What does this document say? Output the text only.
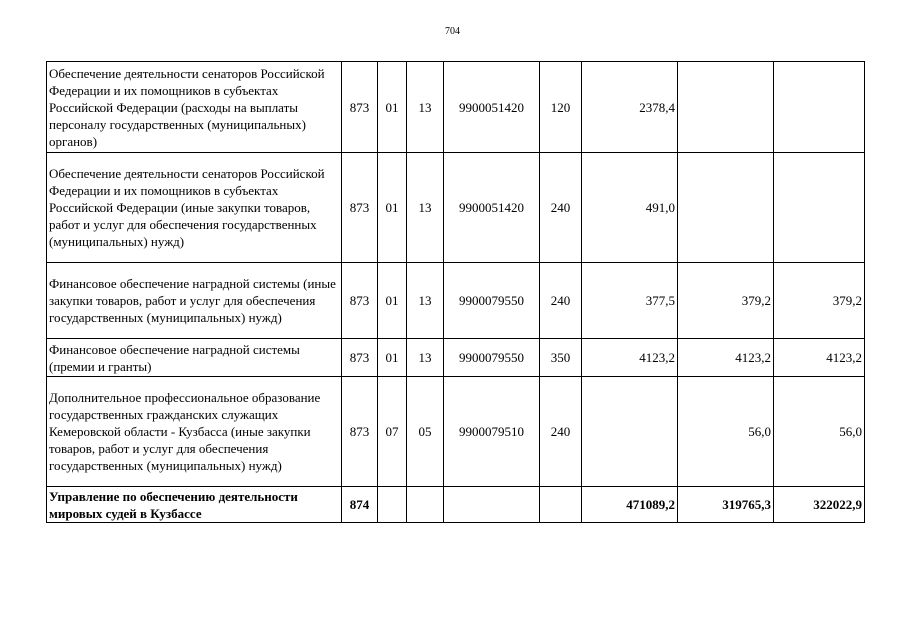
704
Обеспечение деятельности сенаторов Российской Федерации и их помощников в субъектах Российской Федерации (расходы на выплаты персоналу государственных (муниципальных) органов)	873	01	13	9900051420	120	2378,4		
Обеспечение деятельности сенаторов Российской Федерации и их помощников в субъектах Российской Федерации (иные закупки товаров, работ и услуг для обеспечения государственных (муниципальных) нужд)	873	01	13	9900051420	240	491,0		
Финансовое обеспечение наградной системы (иные закупки товаров, работ и услуг для обеспечения государственных (муниципальных) нужд)	873	01	13	9900079550	240	377,5	379,2	379,2
Финансовое обеспечение наградной системы (премии и гранты)	873	01	13	9900079550	350	4123,2	4123,2	4123,2
Дополнительное профессиональное образование государственных гражданских служащих Кемеровской области - Кузбасса (иные закупки товаров, работ и услуг для обеспечения государственных (муниципальных) нужд)	873	07	05	9900079510	240		56,0	56,0
Управление по обеспечению деятельности мировых судей в Кузбассе	874					471089,2	319765,3	322022,9
